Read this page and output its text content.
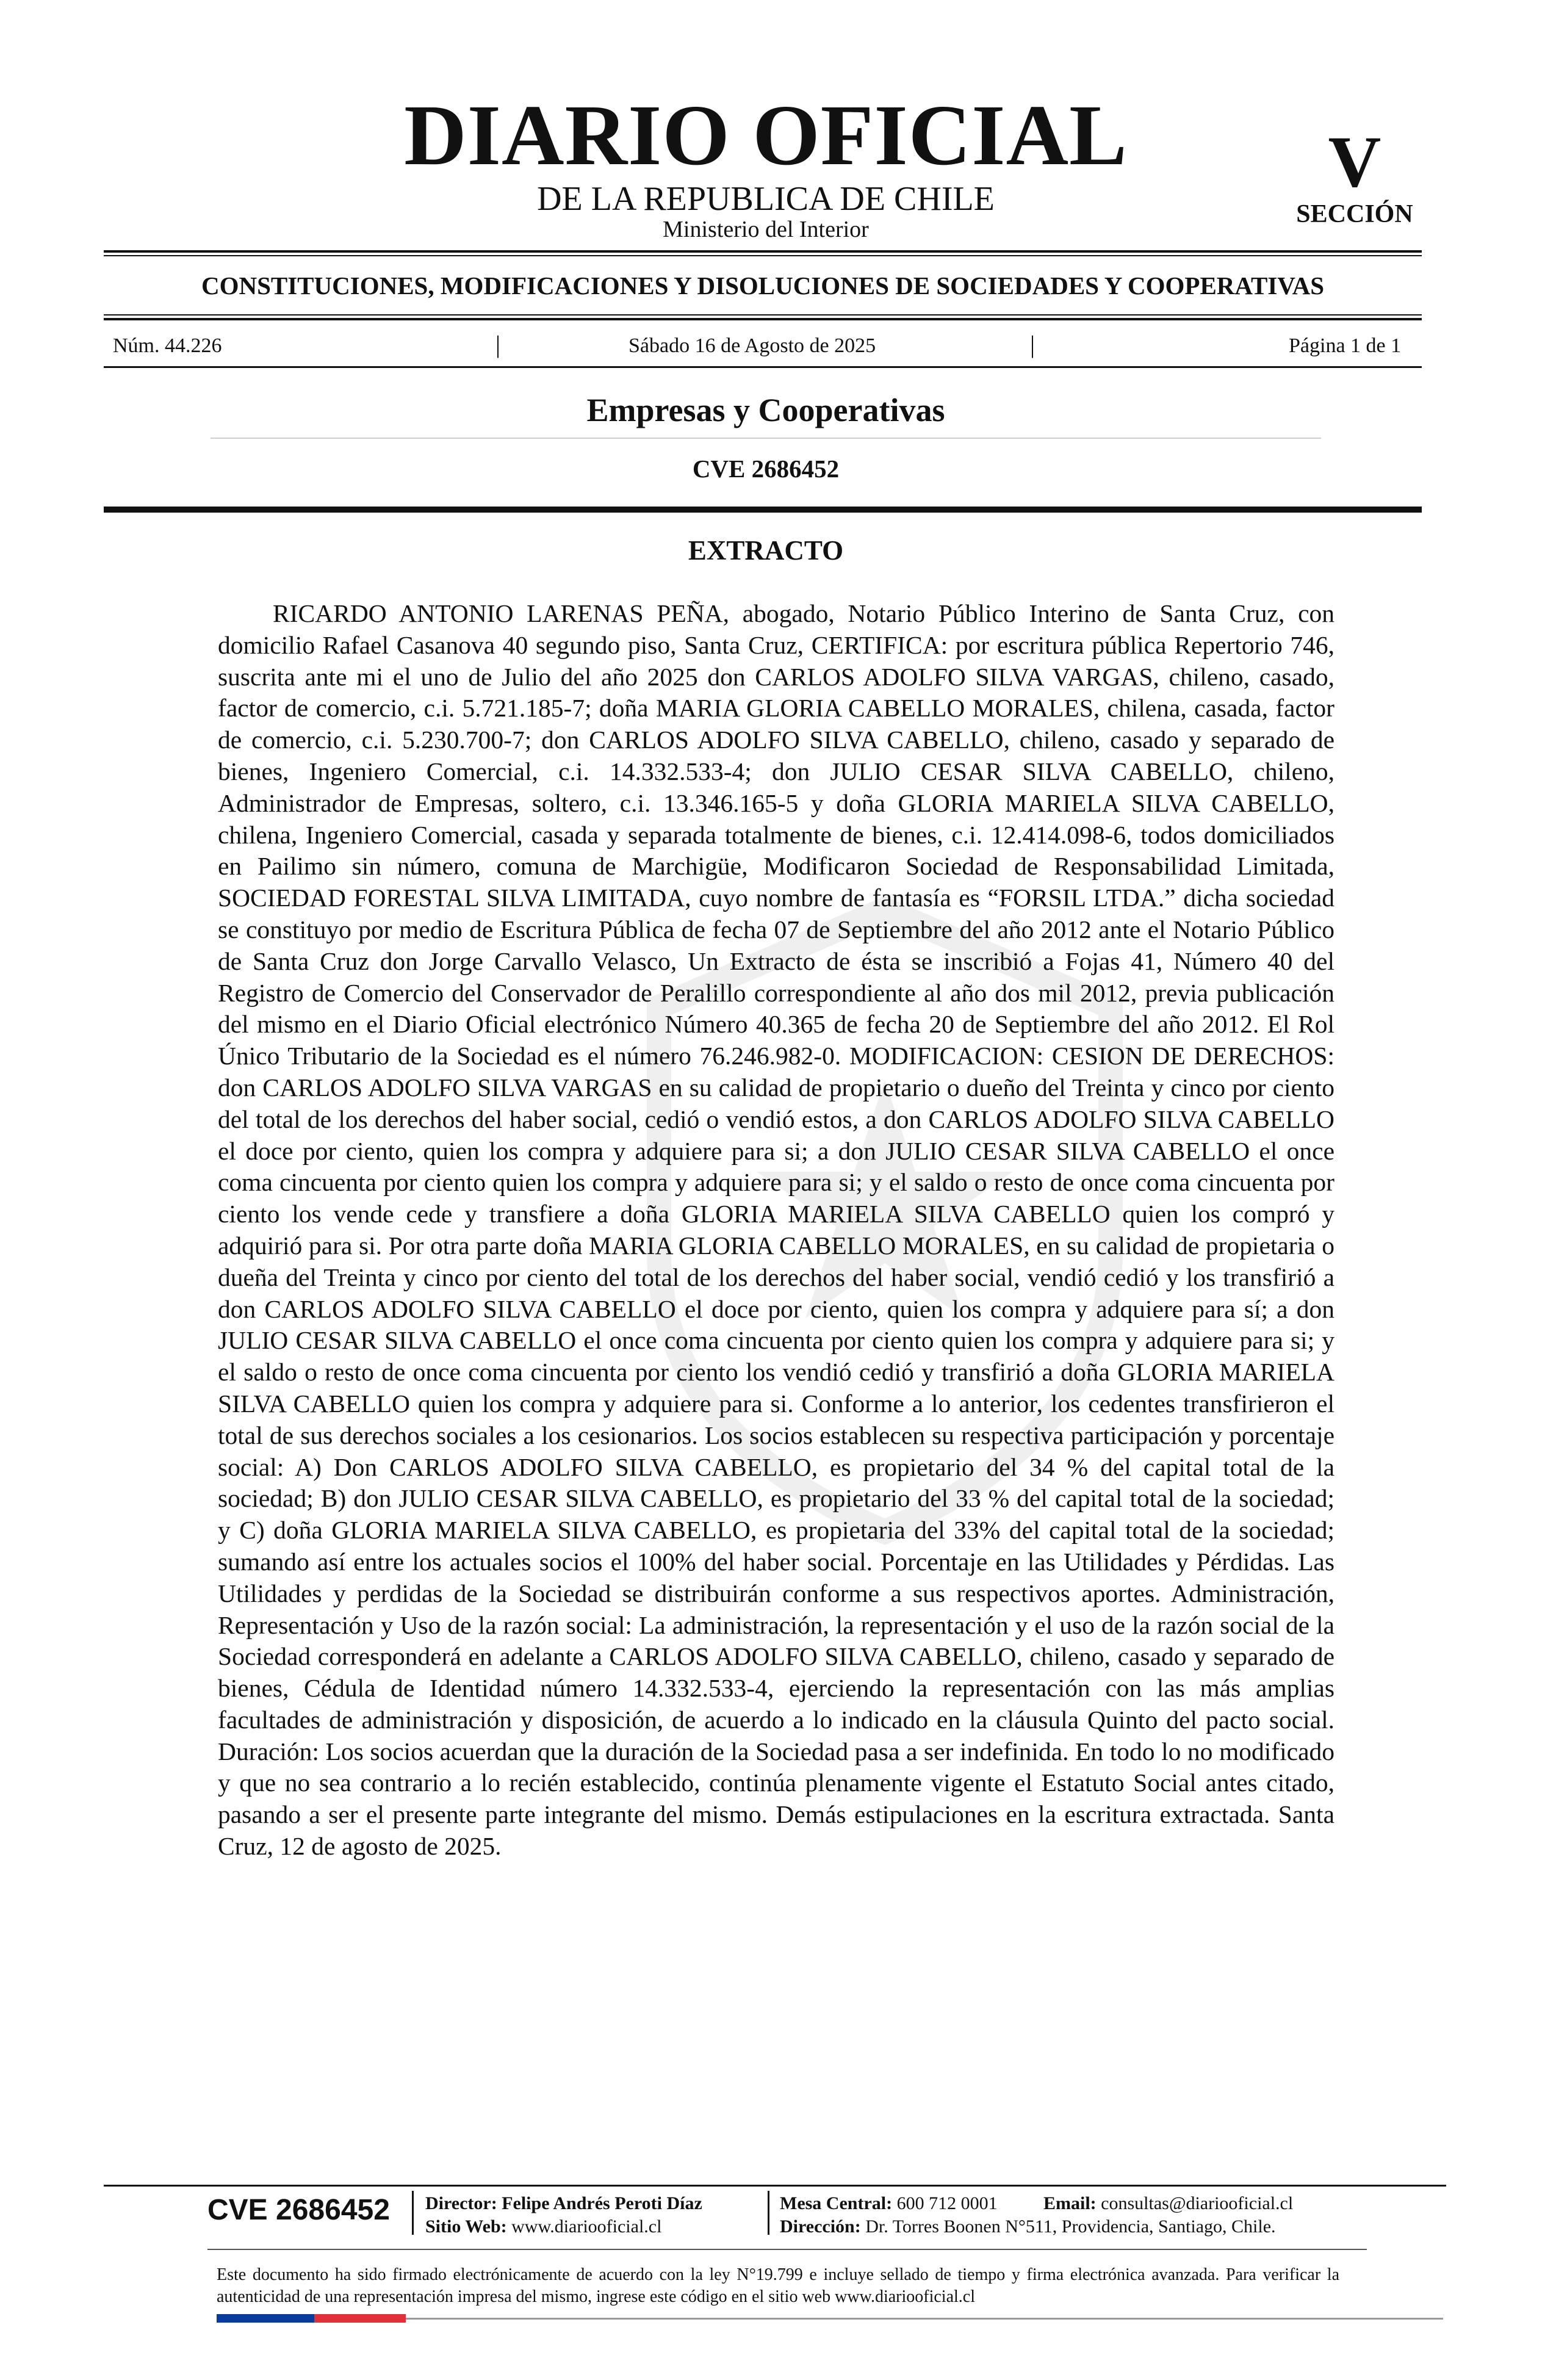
DIARIO OFICIAL
DE LA REPUBLICA DE CHILE
Ministerio del Interior
V
SECCIÓN
CONSTITUCIONES, MODIFICACIONES Y DISOLUCIONES DE SOCIEDADES Y COOPERATIVAS
Núm. 44.226	|	Sábado 16 de Agosto de 2025	|	Página 1 de 1
Empresas y Cooperativas
CVE 2686452
EXTRACTO
RICARDO ANTONIO LARENAS PEÑA, abogado, Notario Público Interino de Santa Cruz, con domicilio Rafael Casanova 40 segundo piso, Santa Cruz, CERTIFICA: por escritura pública Repertorio 746, suscrita ante mi el uno de Julio del año 2025 don CARLOS ADOLFO SILVA VARGAS, chileno, casado, factor de comercio, c.i. 5.721.185-7; doña MARIA GLORIA CABELLO MORALES, chilena, casada, factor de comercio, c.i. 5.230.700-7; don CARLOS ADOLFO SILVA CABELLO, chileno, casado y separado de bienes, Ingeniero Comercial, c.i. 14.332.533-4; don JULIO CESAR SILVA CABELLO, chileno, Administrador de Empresas, soltero, c.i. 13.346.165-5 y doña GLORIA MARIELA SILVA CABELLO, chilena, Ingeniero Comercial, casada y separada totalmente de bienes, c.i. 12.414.098-6, todos domiciliados en Pailimo sin número, comuna de Marchigüe, Modificaron Sociedad de Responsabilidad Limitada, SOCIEDAD FORESTAL SILVA LIMITADA, cuyo nombre de fantasía es “FORSIL LTDA.” dicha sociedad se constituyo por medio de Escritura Pública de fecha 07 de Septiembre del año 2012 ante el Notario Público de Santa Cruz don Jorge Carvallo Velasco, Un Extracto de ésta se inscribió a Fojas 41, Número 40 del Registro de Comercio del Conservador de Peralillo correspondiente al año dos mil 2012, previa publicación del mismo en el Diario Oficial electrónico Número 40.365 de fecha 20 de Septiembre del año 2012. El Rol Único Tributario de la Sociedad es el número 76.246.982-0. MODIFICACION: CESION DE DERECHOS: don CARLOS ADOLFO SILVA VARGAS en su calidad de propietario o dueño del Treinta y cinco por ciento del total de los derechos del haber social, cedió o vendió estos, a don CARLOS ADOLFO SILVA CABELLO el doce por ciento, quien los compra y adquiere para si; a don JULIO CESAR SILVA CABELLO el once coma cincuenta por ciento quien los compra y adquiere para si; y el saldo o resto de once coma cincuenta por ciento los vende cede y transfiere a doña GLORIA MARIELA SILVA CABELLO quien los compró y adquirió para si. Por otra parte doña MARIA GLORIA CABELLO MORALES, en su calidad de propietaria o dueña del Treinta y cinco por ciento del total de los derechos del haber social, vendió cedió y los transfirió a don CARLOS ADOLFO SILVA CABELLO el doce por ciento, quien los compra y adquiere para sí; a don JULIO CESAR SILVA CABELLO el once coma cincuenta por ciento quien los compra y adquiere para si; y el saldo o resto de once coma cincuenta por ciento los vendió cedió y transfirió a doña GLORIA MARIELA SILVA CABELLO quien los compra y adquiere para si. Conforme a lo anterior, los cedentes transfirieron el total de sus derechos sociales a los cesionarios. Los socios establecen su respectiva participación y porcentaje social: A) Don CARLOS ADOLFO SILVA CABELLO, es propietario del 34 % del capital total de la sociedad; B) don JULIO CESAR SILVA CABELLO, es propietario del 33 % del capital total de la sociedad; y C) doña GLORIA MARIELA SILVA CABELLO, es propietaria del 33% del capital total de la sociedad; sumando así entre los actuales socios el 100% del haber social. Porcentaje en las Utilidades y Pérdidas. Las Utilidades y perdidas de la Sociedad se distribuirán conforme a sus respectivos aportes. Administración, Representación y Uso de la razón social: La administración, la representación y el uso de la razón social de la Sociedad corresponderá en adelante a CARLOS ADOLFO SILVA CABELLO, chileno, casado y separado de bienes, Cédula de Identidad número 14.332.533-4, ejerciendo la representación con las más amplias facultades de administración y disposición, de acuerdo a lo indicado en la cláusula Quinto del pacto social. Duración: Los socios acuerdan que la duración de la Sociedad pasa a ser indefinida. En todo lo no modificado y que no sea contrario a lo recién establecido, continúa plenamente vigente el Estatuto Social antes citado, pasando a ser el presente parte integrante del mismo. Demás estipulaciones en la escritura extractada. Santa Cruz, 12 de agosto de 2025.
CVE 2686452 Director: Felipe Andrés Peroti Díaz
Sitio Web: www.diariooficial.cl
Mesa Central: 600 712 0001	Email: consultas@diariooficial.cl
Dirección: Dr. Torres Boonen N°511, Providencia, Santiago, Chile.
Este documento ha sido firmado electrónicamente de acuerdo con la ley N°19.799 e incluye sellado de tiempo y firma electrónica avanzada. Para verificar la autenticidad de una representación impresa del mismo, ingrese este código en el sitio web www.diariooficial.cl
